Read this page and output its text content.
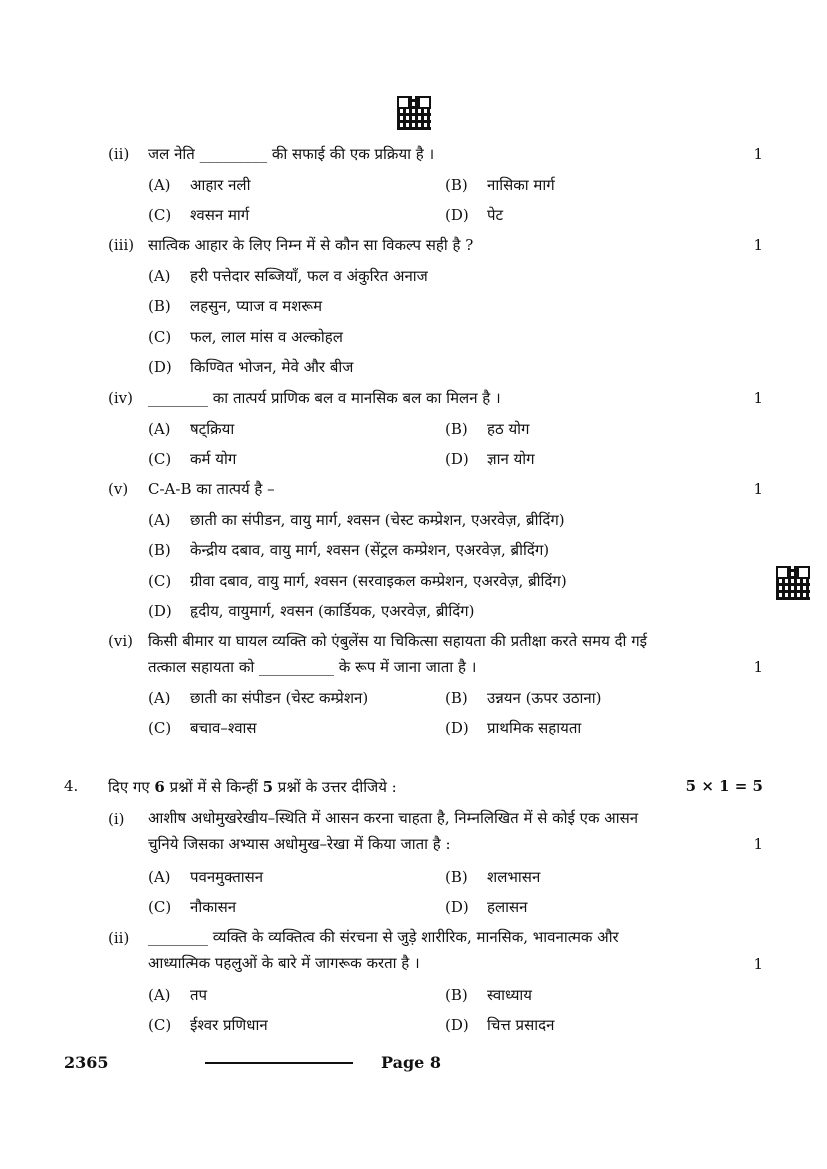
(ii) जल नेति _________ की सफाई की एक प्रक्रिया है ।	1
(A) आहार नली	(B) नासिका मार्ग
(C) श्वसन मार्ग	(D) पेट
(iii) सात्विक आहार के लिए निम्न में से कौन सा विकल्प सही है ?	1
(A) हरी पत्तेदार सब्जियाँ, फल व अंकुरित अनाज
(B) लहसुन, प्याज व मशरूम
(C) फल, लाल मांस व अल्कोहल
(D) किण्वित भोजन, मेवे और बीज
(iv) ________ का तात्पर्य प्राणिक बल व मानसिक बल का मिलन है ।	1
(A) षट्क्रिया	(B) हठ योग
(C) कर्म योग	(D) ज्ञान योग
(v) C-A-B का तात्पर्य है –	1
(A) छाती का संपीडन, वायु मार्ग, श्वसन (चेस्ट कम्प्रेशन, एअरवेज़, ब्रीदिंग)
(B) केन्द्रीय दबाव, वायु मार्ग, श्वसन (सेंट्रल कम्प्रेशन, एअरवेज़, ब्रीदिंग)
(C) ग्रीवा दबाव, वायु मार्ग, श्वसन (सरवाइकल कम्प्रेशन, एअरवेज़, ब्रीदिंग)
(D) हृदीय, वायुमार्ग, श्वसन (कार्डियक, एअरवेज़, ब्रीदिंग)
(vi) किसी बीमार या घायल व्यक्ति को एंबुलेंस या चिकित्सा सहायता की प्रतीक्षा करते समय दी गई
तत्काल सहायता को __________ के रूप में जाना जाता है ।	1
(A) छाती का संपीडन (चेस्ट कम्प्रेशन)	(B) उन्नयन (ऊपर उठाना)
(C) बचाव–श्वास	(D) प्राथमिक सहायता
4. दिए गए 6 प्रश्नों में से किन्हीं 5 प्रश्नों के उत्तर दीजिये :	5 × 1 = 5
(i) आशीष अधोमुखरेखीय–स्थिति में आसन करना चाहता है, निम्नलिखित में से कोई एक आसन
चुनिये जिसका अभ्यास अधोमुख–रेखा में किया जाता है :	1
(A) पवनमुक्तासन	(B) शलभासन
(C) नौकासन	(D) हलासन
(ii) ________ व्यक्ति के व्यक्तित्व की संरचना से जुड़े शारीरिक, मानसिक, भावनात्मक और
आध्यात्मिक पहलुओं के बारे में जागरूक करता है ।	1
(A) तप	(B) स्वाध्याय
(C) ईश्वर प्रणिधान	(D) चित्त प्रसादन
2365	Page 8
